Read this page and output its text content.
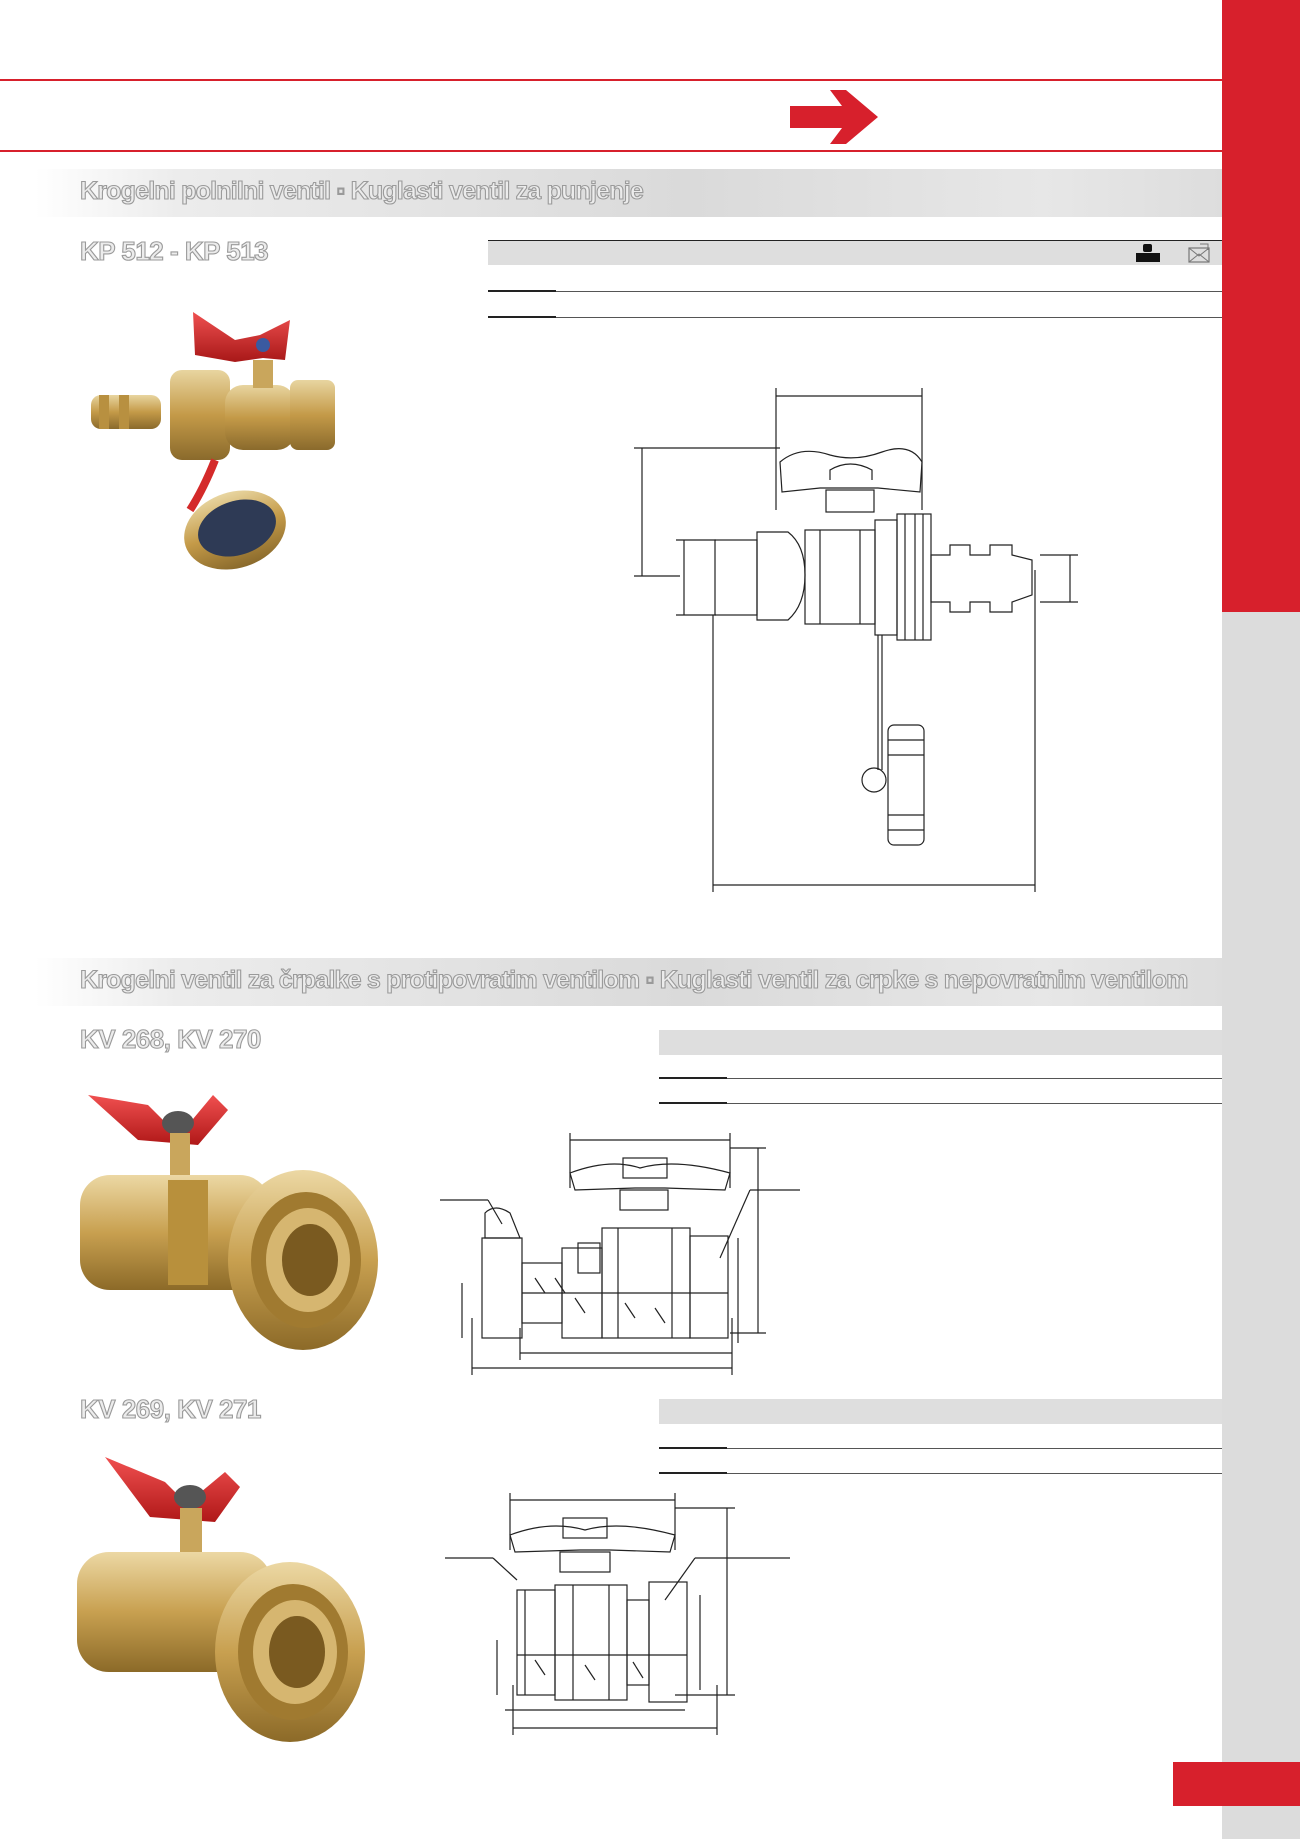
Krogelni polnilni ventil ▫ Kuglasti ventil za punjenje
KP 512 - KP 513
Krogelni ventil za črpalke s protipovratim ventilom ▫ Kuglasti ventil za crpke s nepovratnim ventilom
KV 268, KV 270
KV 269, KV 271
